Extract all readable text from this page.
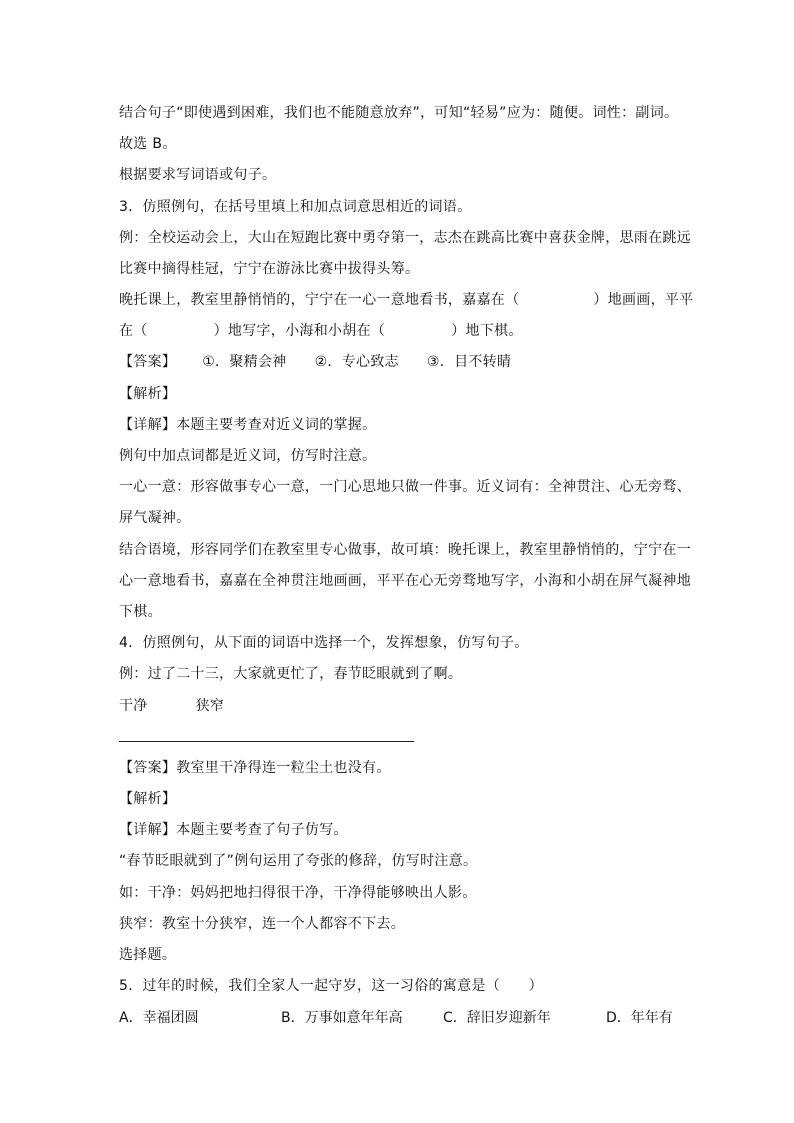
结合句子“即使遇到困难，我们也不能随意放弃”，可知“轻易”应为：随便。词性：副词。
故选 B。
根据要求写词语或句子。
3．仿照例句，在括号里填上和加点词意思相近的词语。
例：全校运动会上，大山在短跑比赛中勇夺第一，志杰在跳高比赛中喜获金牌，思雨在跳远
比赛中摘得桂冠，宁宁在游泳比赛中拔得头筹。
晚托课上，教室里静悄悄的，宁宁在一心一意地看书，嘉嘉在（	）地画画，平平
在（	）地写字，小海和小胡在（	）地下棋。
【答案】 ①．聚精会神 ②．专心致志 ③．目不转睛
【解析】
【详解】本题主要考查对近义词的掌握。
例句中加点词都是近义词，仿写时注意。
一心一意：形容做事专心一意，一门心思地只做一件事。近义词有：全神贯注、心无旁骛、
屏气凝神。
结合语境，形容同学们在教室里专心做事，故可填：晚托课上，教室里静悄悄的，宁宁在一
心一意地看书，嘉嘉在全神贯注地画画，平平在心无旁骛地写字，小海和小胡在屏气凝神地
下棋。
4．仿照例句，从下面的词语中选择一个，发挥想象，仿写句子。
例：过了二十三，大家就更忙了，春节眨眼就到了啊。
干净	狭窄
【答案】教室里干净得连一粒尘土也没有。
【解析】
【详解】本题主要考查了句子仿写。
“春节眨眼就到了”例句运用了夸张的修辞，仿写时注意。
如：干净：妈妈把地扫得很干净，干净得能够映出人影。
狭窄：教室十分狭窄，连一个人都容不下去。
选择题。
5．过年的时候，我们全家人一起守岁，这一习俗的寓意是（　　）
A．幸福团圆	B．万事如意年年高	C．辞旧岁迎新年	D．年年有
